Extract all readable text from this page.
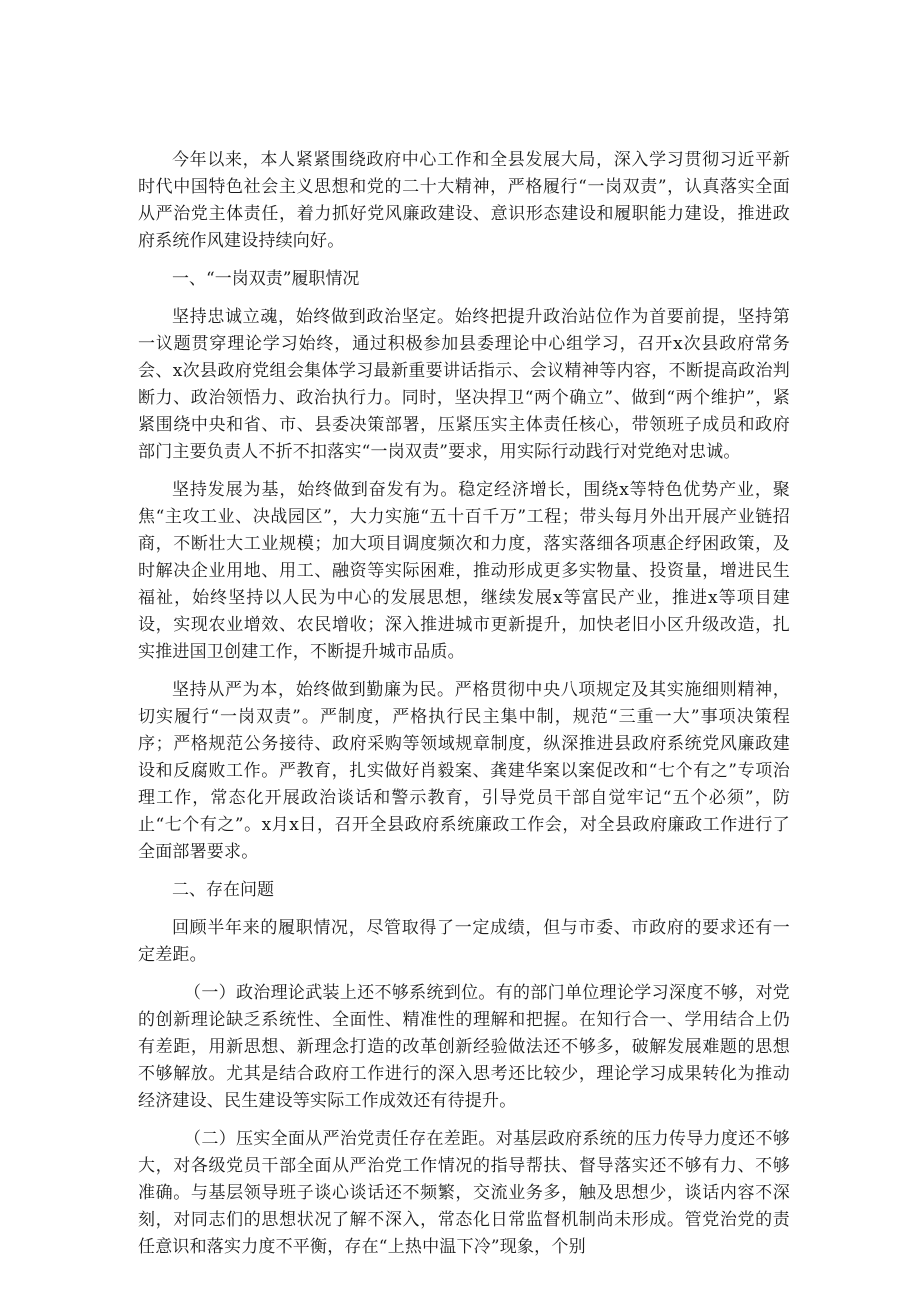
今年以来，本人紧紧围绕政府中心工作和全县发展大局，深入学习贯彻习近平新时代中国特色社会主义思想和党的二十大精神，严格履行“一岗双责”，认真落实全面从严治党主体责任，着力抓好党风廉政建设、意识形态建设和履职能力建设，推进政府系统作风建设持续向好。

一、“一岗双责”履职情况

坚持忠诚立魂，始终做到政治坚定。始终把提升政治站位作为首要前提，坚持第一议题贯穿理论学习始终，通过积极参加县委理论中心组学习，召开x次县政府常务会、x次县政府党组会集体学习最新重要讲话指示、会议精神等内容，不断提高政治判断力、政治领悟力、政治执行力。同时，坚决捍卫“两个确立”、做到“两个维护”，紧紧围绕中央和省、市、县委决策部署，压紧压实主体责任核心，带领班子成员和政府部门主要负责人不折不扣落实“一岗双责”要求，用实际行动践行对党绝对忠诚。

坚持发展为基，始终做到奋发有为。稳定经济增长，围绕x等特色优势产业，聚焦“主攻工业、决战园区”，大力实施“五十百千万”工程；带头每月外出开展产业链招商，不断壮大工业规模；加大项目调度频次和力度，落实落细各项惠企纾困政策，及时解决企业用地、用工、融资等实际困难，推动形成更多实物量、投资量，增进民生福祉，始终坚持以人民为中心的发展思想，继续发展x等富民产业，推进x等项目建设，实现农业增效、农民增收；深入推进城市更新提升，加快老旧小区升级改造，扎实推进国卫创建工作，不断提升城市品质。

坚持从严为本，始终做到勤廉为民。严格贯彻中央八项规定及其实施细则精神，切实履行“一岗双责”。严制度，严格执行民主集中制，规范“三重一大”事项决策程序；严格规范公务接待、政府采购等领域规章制度，纵深推进县政府系统党风廉政建设和反腐败工作。严教育，扎实做好肖毅案、龚建华案以案促改和“七个有之”专项治理工作，常态化开展政治谈话和警示教育，引导党员干部自觉牢记“五个必须”，防止“七个有之”。x月x日，召开全县政府系统廉政工作会，对全县政府廉政工作进行了全面部署要求。

二、存在问题

回顾半年来的履职情况，尽管取得了一定成绩，但与市委、市政府的要求还有一定差距。

（一）政治理论武装上还不够系统到位。有的部门单位理论学习深度不够，对党的创新理论缺乏系统性、全面性、精准性的理解和把握。在知行合一、学用结合上仍有差距，用新思想、新理念打造的改革创新经验做法还不够多，破解发展难题的思想不够解放。尤其是结合政府工作进行的深入思考还比较少，理论学习成果转化为推动经济建设、民生建设等实际工作成效还有待提升。

（二）压实全面从严治党责任存在差距。对基层政府系统的压力传导力度还不够大，对各级党员干部全面从严治党工作情况的指导帮扶、督导落实还不够有力、不够准确。与基层领导班子谈心谈话还不频繁，交流业务多，触及思想少，谈话内容不深刻，对同志们的思想状况了解不深入，常态化日常监督机制尚未形成。管党治党的责任意识和落实力度不平衡，存在“上热中温下冷”现象，个别
